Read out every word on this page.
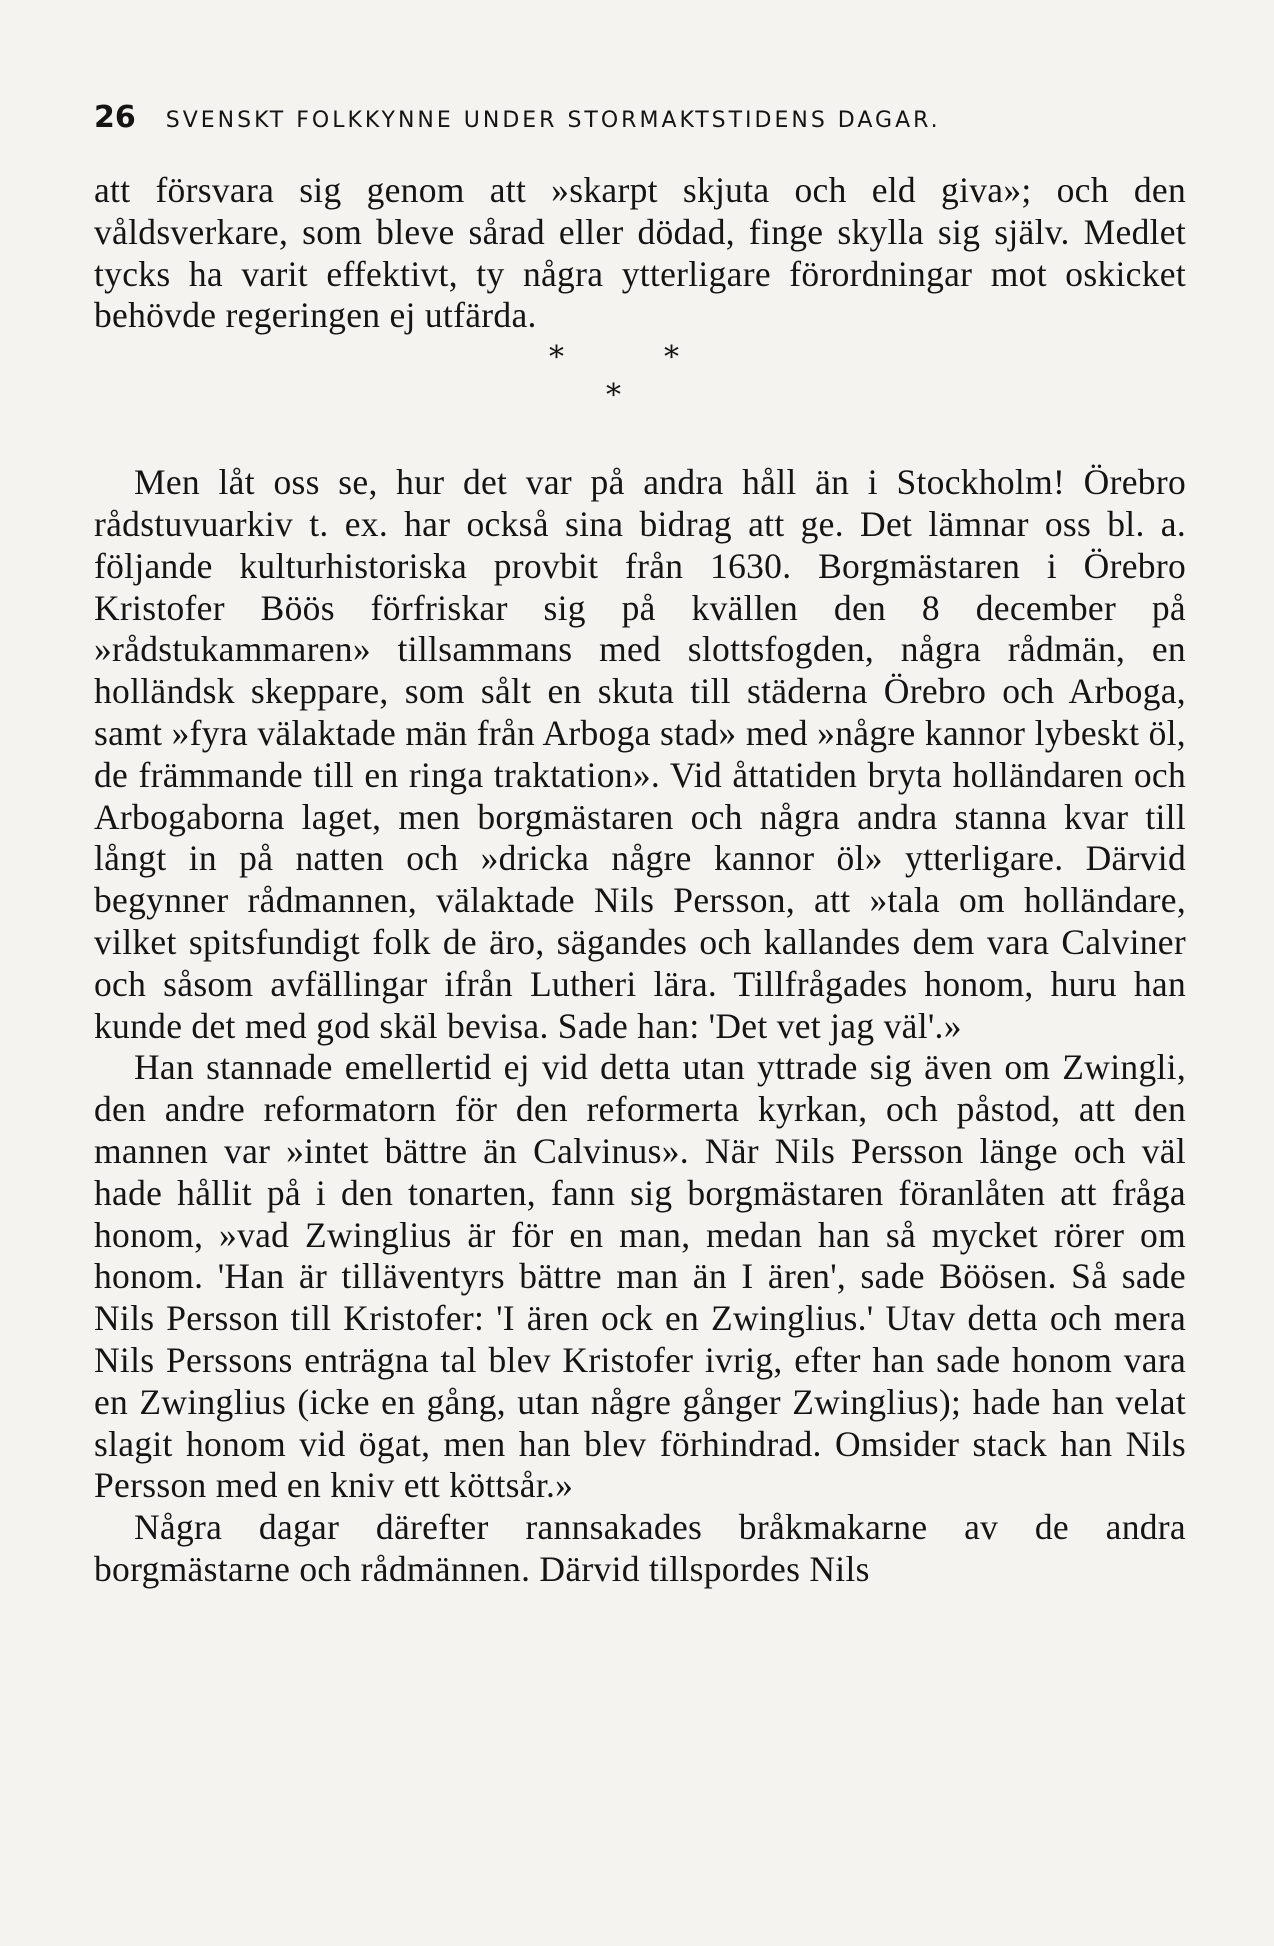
26 SVENSKT FOLKKYNNE UNDER STORMAKTSTIDENS DAGAR.

att försvara sig genom att »skarpt skjuta och eld giva»; och den våldsverkare, som bleve sårad eller dödad, finge skylla sig själv. Medlet tycks ha varit effektivt, ty några ytterligare förordningar mot oskicket behövde regeringen ej utfärda.

*	*
*

Men låt oss se, hur det var på andra håll än i Stockholm! Örebro rådstuvuarkiv t. ex. har också sina bidrag att ge. Det lämnar oss bl. a. följande kulturhistoriska provbit från 1630. Borgmästaren i Örebro Kristofer Böös förfriskar sig på kvällen den 8 december på »rådstukammaren» tillsammans med slottsfogden, några rådmän, en holländsk skeppare, som sålt en skuta till städerna Örebro och Arboga, samt »fyra välaktade män från Arboga stad» med »någre kannor lybeskt öl, de främmande till en ringa traktation». Vid åttatiden bryta holländaren och Arbogaborna laget, men borgmästaren och några andra stanna kvar till långt in på natten och »dricka någre kannor öl» ytterligare. Därvid begynner rådmannen, välaktade Nils Persson, att »tala om holländare, vilket spitsfundigt folk de äro, sägandes och kallandes dem vara Calviner och såsom avfällingar ifrån Lutheri lära. Tillfrågades honom, huru han kunde det med god skäl bevisa. Sade han: 'Det vet jag väl'.»

Han stannade emellertid ej vid detta utan yttrade sig även om Zwingli, den andre reformatorn för den reformerta kyrkan, och påstod, att den mannen var »intet bättre än Calvinus». När Nils Persson länge och väl hade hållit på i den tonarten, fann sig borgmästaren föranlåten att fråga honom, »vad Zwinglius är för en man, medan han så mycket rörer om honom. 'Han är tilläventyrs bättre man än I ären', sade Böösen. Så sade Nils Persson till Kristofer: 'I ären ock en Zwinglius.' Utav detta och mera Nils Perssons enträgna tal blev Kristofer ivrig, efter han sade honom vara en Zwinglius (icke en gång, utan någre gånger Zwinglius); hade han velat slagit honom vid ögat, men han blev förhindrad. Omsider stack han Nils Persson med en kniv ett köttsår.»

Några dagar därefter rannsakades bråkmakarne av de andra borgmästarne och rådmännen. Därvid tillspordes Nils
